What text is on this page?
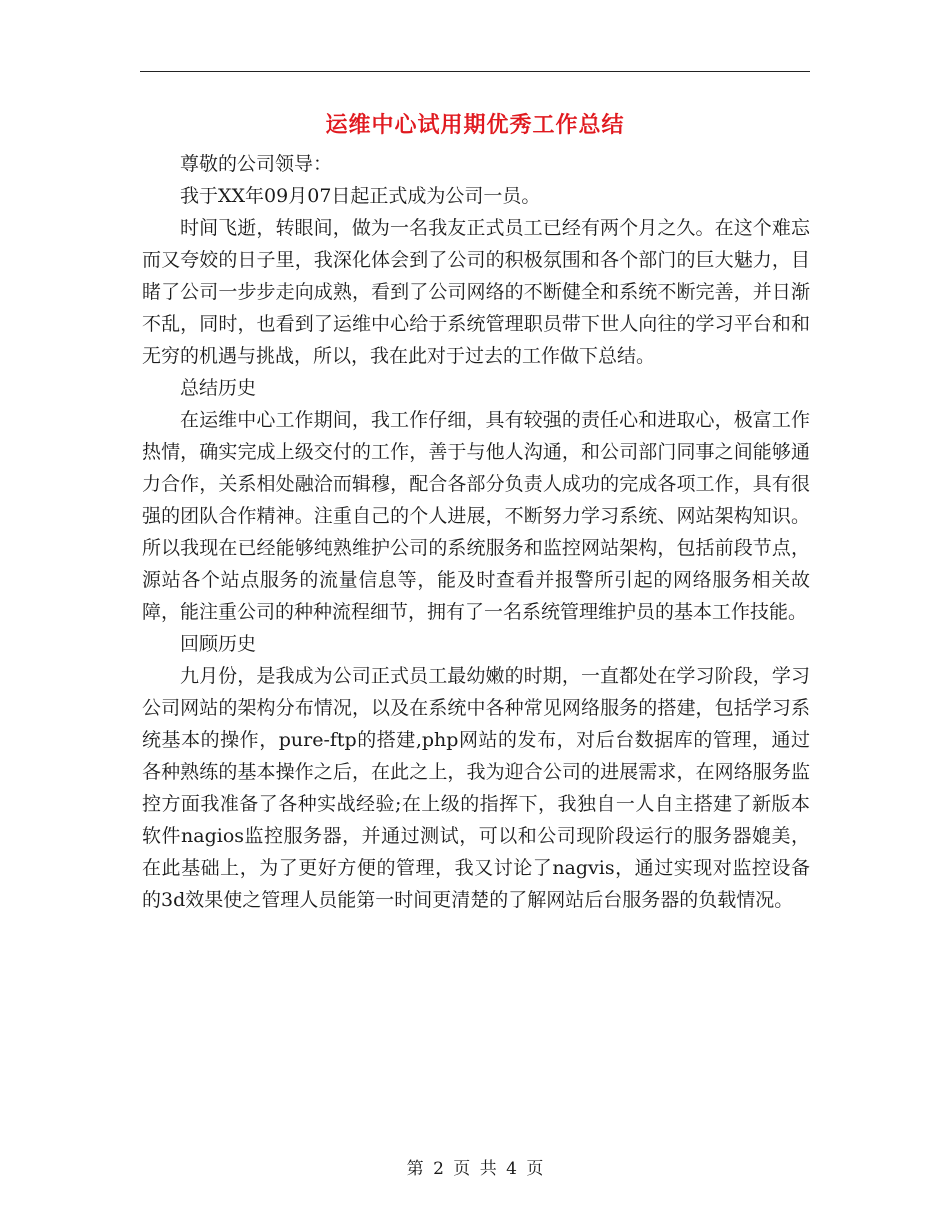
运维中心试用期优秀工作总结

尊敬的公司领导：

我于XX年09月07日起正式成为公司一员。

时间飞逝，转眼间，做为一名我友正式员工已经有两个月之久。在这个难忘而又夸姣的日子里，我深化体会到了公司的积极氛围和各个部门的巨大魅力，目睹了公司一步步走向成熟，看到了公司网络的不断健全和系统不断完善，并日渐不乱，同时，也看到了运维中心给于系统管理职员带下世人向往的学习平台和和无穷的机遇与挑战，所以，我在此对于过去的工作做下总结。

总结历史

在运维中心工作期间，我工作仔细，具有较强的责任心和进取心，极富工作热情，确实完成上级交付的工作，善于与他人沟通，和公司部门同事之间能够通力合作，关系相处融洽而辑穆，配合各部分负责人成功的完成各项工作，具有很强的团队合作精神。注重自己的个人进展，不断努力学习系统、网站架构知识。所以我现在已经能够纯熟维护公司的系统服务和监控网站架构，包括前段节点，源站各个站点服务的流量信息等，能及时查看并报警所引起的网络服务相关故障，能注重公司的种种流程细节，拥有了一名系统管理维护员的基本工作技能。

回顾历史

九月份，是我成为公司正式员工最幼嫩的时期，一直都处在学习阶段，学习公司网站的架构分布情况，以及在系统中各种常见网络服务的搭建，包括学习系统基本的操作，pure-ftp的搭建,php网站的发布，对后台数据库的管理，通过各种熟练的基本操作之后，在此之上，我为迎合公司的进展需求，在网络服务监控方面我准备了各种实战经验;在上级的指挥下，我独自一人自主搭建了新版本软件nagios监控服务器，并通过测试，可以和公司现阶段运行的服务器媲美，在此基础上，为了更好方便的管理，我又讨论了nagvis，通过实现对监控设备的3d效果使之管理人员能第一时间更清楚的了解网站后台服务器的负载情况。

第 2 页 共 4 页
